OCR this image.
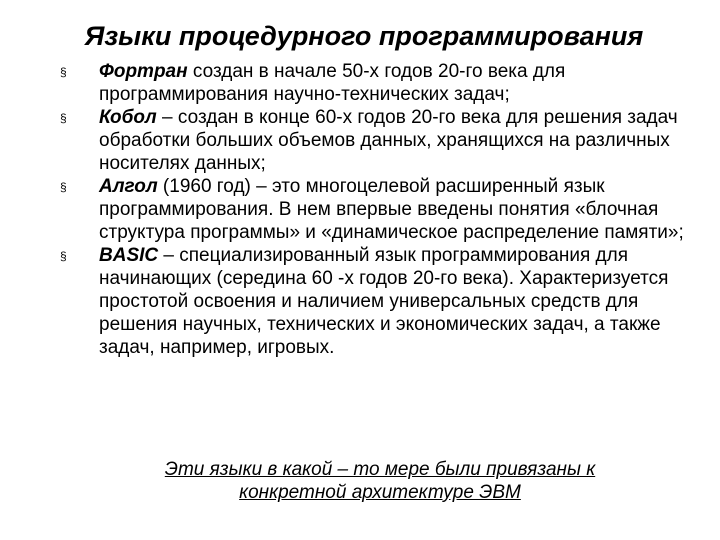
Языки процедурного программирования
§ Фортран создан в начале 50-х годов 20-го века для программирования научно-технических задач;
§ Кобол – создан в конце 60-х годов 20-го века для решения задач обработки больших объемов данных, хранящихся на различных носителях данных;
§ Алгол (1960 год) – это многоцелевой расширенный язык программирования. В нем впервые введены понятия «блочная структура программы» и «динамическое распределение памяти»;
§ BASIC – специализированный язык программирования для начинающих (середина 60 -х годов 20-го века). Характеризуется простотой освоения и наличием универсальных средств для решения научных, технических и экономических задач, а также задач, например, игровых.
Эти языки в какой – то мере были привязаны к
конкретной архитектуре ЭВМ
